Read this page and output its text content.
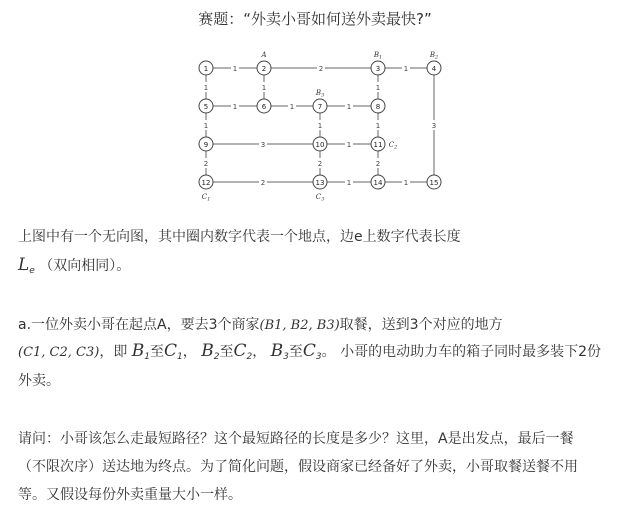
赛题：“外卖小哥如何送外卖最快?”
1	2	1
1	1	1
3
1	1	1
1	1	1
3	1
2	2	2
2	1	1
1	2
A
3
$B_1$
4
$B_2$
5	6	7
$B_3$
8
9	10	11 $C_2$
12
$C_1$
13
$C_3$
14	15
上图中有一个无向图，其中圈内数字代表一个地点，边e上数字代表长度
$L_e$ （双向相同）。
a.一位外卖小哥在起点A，要去3个商家(B1, B2, B3)取餐，送到3个对应的地方
(C1, C2, C3)，即 $B_1$至$C_1$， $B_2$至$C_2$， $B_3$至$C_3$。 小哥的电动助力车的箱子同时最多装下2份
外卖。
请问：小哥该怎么走最短路径？这个最短路径的长度是多少？这里，A是出发点，最后一餐
（不限次序）送达地为终点。为了简化问题，假设商家已经备好了外卖，小哥取餐送餐不用
等。又假设每份外卖重量大小一样。
